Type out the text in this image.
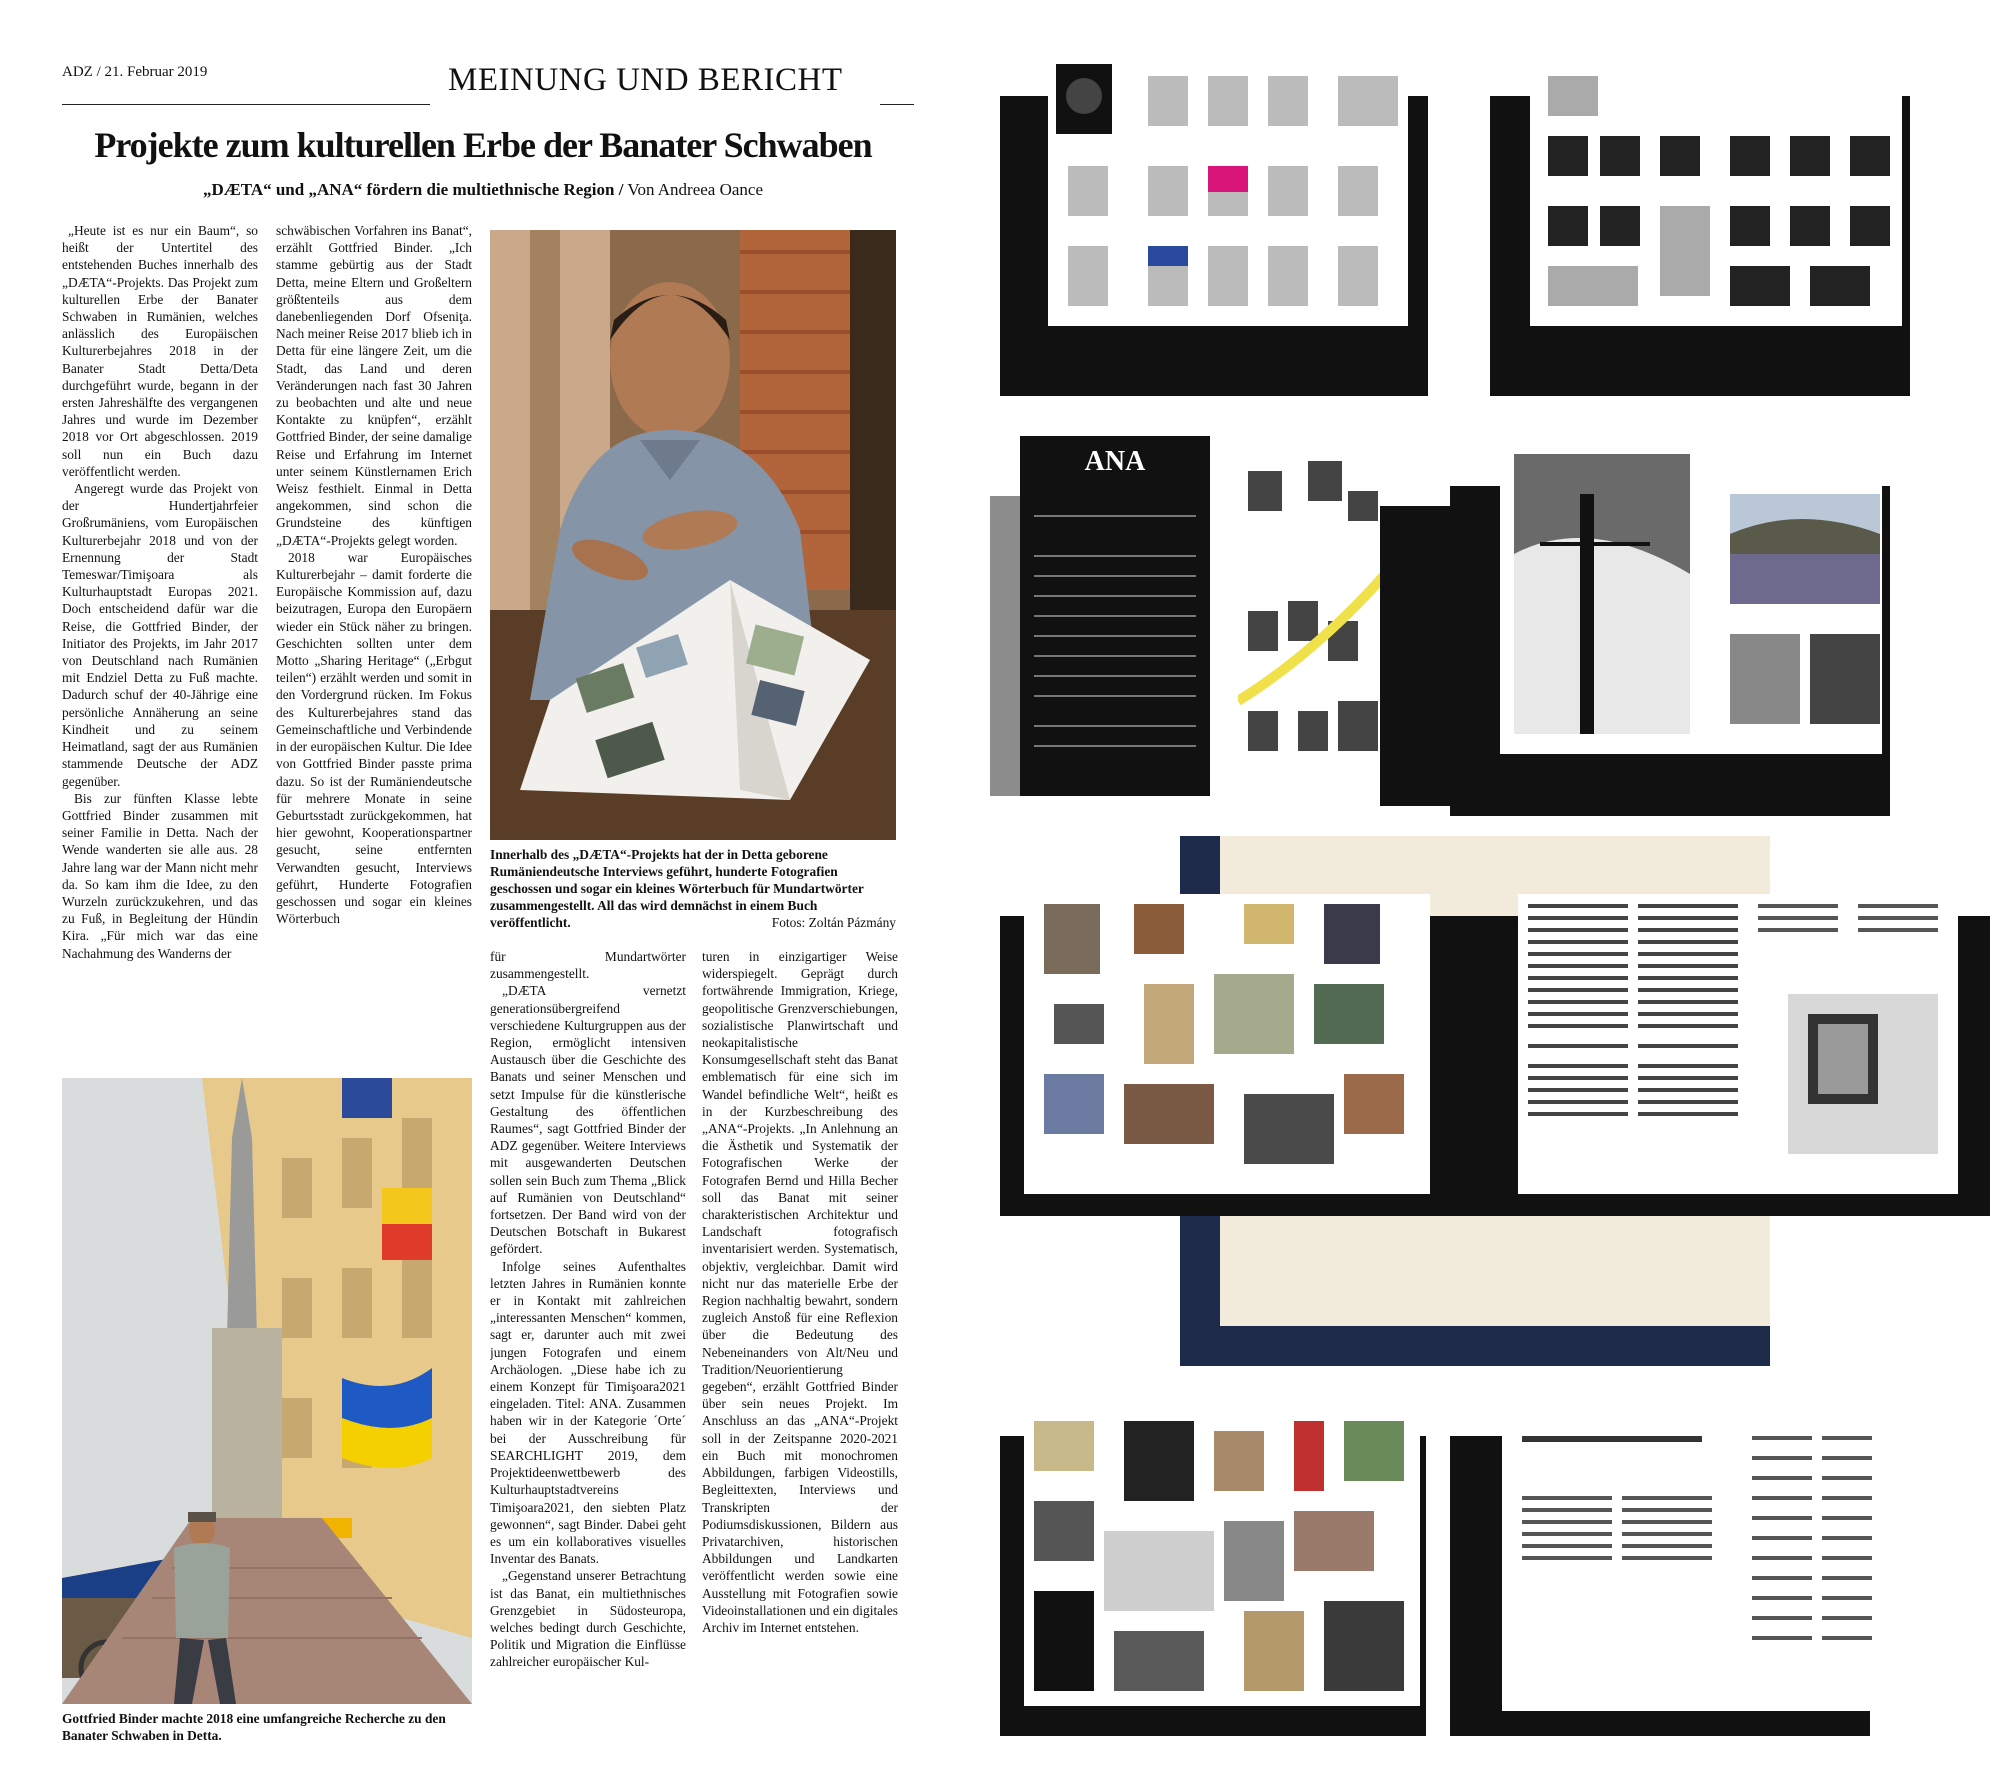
ADZ / 21. Februar 2019	MEINUNG UND BERICHT
Projekte zum kulturellen Erbe der Banater Schwaben
„DÆTA“ und „ANA“ fördern die multiethnische Region / Von Andreea Oance

„Heute ist es nur ein Baum“, so heißt der Untertitel des entstehenden Buches innerhalb des „DÆTA“-Projekts. Das Projekt zum kulturellen Erbe der Banater Schwaben in Rumänien, welches anlässlich des Europäischen Kulturerbejahres 2018 in der Banater Stadt Detta/Deta durchgeführt wurde, begann in der ersten Jahreshälfte des vergangenen Jahres und wurde im Dezember 2018 vor Ort abgeschlossen. 2019 soll nun ein Buch dazu veröffentlicht werden.

Angeregt wurde das Projekt von der Hundertjahrfeier Großrumäniens, vom Europäischen Kulturerbejahr 2018 und von der Ernennung der Stadt Temeswar/Timişoara als Kulturhauptstadt Europas 2021. Doch entscheidend dafür war die Reise, die Gottfried Binder, der Initiator des Projekts, im Jahr 2017 von Deutschland nach Rumänien mit Endziel Detta zu Fuß machte. Dadurch schuf der 40-Jährige eine persönliche Annäherung an seine Kindheit und zu seinem Heimatland, sagt der aus Rumänien stammende Deutsche der ADZ gegenüber.

Bis zur fünften Klasse lebte Gottfried Binder zusammen mit seiner Familie in Detta. Nach der Wende wanderten sie alle aus. 28 Jahre lang war der Mann nicht mehr da. So kam ihm die Idee, zu den Wurzeln zurückzukehren, und das zu Fuß, in Begleitung der Hündin Kira. „Für mich war das eine Nachahmung des Wanderns der

schwäbischen Vorfahren ins Banat“, erzählt Gottfried Binder. „Ich stamme gebürtig aus der Stadt Detta, meine Eltern und Großeltern größtenteils aus dem danebenliegenden Dorf Ofseniţa. Nach meiner Reise 2017 blieb ich in Detta für eine längere Zeit, um die Stadt, das Land und deren Veränderungen nach fast 30 Jahren zu beobachten und alte und neue Kontakte zu knüpfen“, erzählt Gottfried Binder, der seine damalige Reise und Erfahrung im Internet unter seinem Künstlernamen Erich Weisz festhielt. Einmal in Detta angekommen, sind schon die Grundsteine des künftigen „DÆTA“-Projekts gelegt worden.

2018 war Europäisches Kulturerbejahr – damit forderte die Europäische Kommission auf, dazu beizutragen, Europa den Europäern wieder ein Stück näher zu bringen. Geschichten sollten unter dem Motto „Sharing Heritage“ („Erbgut teilen“) erzählt werden und somit in den Vordergrund rücken. Im Fokus des Kulturerbejahres stand das Gemeinschaftliche und Verbindende in der europäischen Kultur. Die Idee von Gottfried Binder passte prima dazu. So ist der Rumäniendeutsche für mehrere Monate in seine Geburtsstadt zurückgekommen, hat hier gewohnt, Kooperationspartner gesucht, seine entfernten Verwandten gesucht, Interviews geführt, Hunderte Fotografien geschossen und sogar ein kleines Wörterbuch

Innerhalb des „DÆTA“-Projekts hat der in Detta geborene Rumäniendeutsche Interviews geführt, hunderte Fotografien geschossen und sogar ein kleines Wörterbuch für Mundartwörter zusammengestellt. All das wird demnächst in einem Buch veröffentlicht.	Fotos: Zoltán Pázmány

für Mundartwörter zusammengestellt.

„DÆTA vernetzt generationsübergreifend verschiedene Kulturgruppen aus der Region, ermöglicht intensiven Austausch über die Geschichte des Banats und seiner Menschen und setzt Impulse für die künstlerische Gestaltung des öffentlichen Raumes“, sagt Gottfried Binder der ADZ gegenüber. Weitere Interviews mit ausgewanderten Deutschen sollen sein Buch zum Thema „Blick auf Rumänien von Deutschland“ fortsetzen. Der Band wird von der Deutschen Botschaft in Bukarest gefördert.

Infolge seines Aufenthaltes letzten Jahres in Rumänien konnte er in Kontakt mit zahlreichen „interessanten Menschen“ kommen, sagt er, darunter auch mit zwei jungen Fotografen und einem Archäologen. „Diese habe ich zu einem Konzept für Timişoara2021 eingeladen. Titel: ANA. Zusammen haben wir in der Kategorie ´Orte´ bei der Ausschreibung für SEARCHLIGHT 2019, dem Projektideenwettbewerb des Kulturhauptstadtvereins Timişoara2021, den siebten Platz gewonnen“, sagt Binder. Dabei geht es um ein kollaboratives visuelles Inventar des Banats.

„Gegenstand unserer Betrachtung ist das Banat, ein multiethnisches Grenzgebiet in Südosteuropa, welches bedingt durch Geschichte, Politik und Migration die Einflüsse zahlreicher europäischer Kul-

turen in einzigartiger Weise widerspiegelt. Geprägt durch fortwährende Immigration, Kriege, geopolitische Grenzverschiebungen, sozialistische Planwirtschaft und neokapitalistische Konsumgesellschaft steht das Banat emblematisch für eine sich im Wandel befindliche Welt“, heißt es in der Kurzbeschreibung des „ANA“-Projekts. „In Anlehnung an die Ästhetik und Systematik der Fotografischen Werke der Fotografen Bernd und Hilla Becher soll das Banat mit seiner charakteristischen Architektur und Landschaft fotografisch inventarisiert werden. Systematisch, objektiv, vergleichbar. Damit wird nicht nur das materielle Erbe der Region nachhaltig bewahrt, sondern zugleich Anstoß für eine Reflexion über die Bedeutung des Nebeneinanders von Alt/Neu und Tradition/Neuorientierung gegeben“, erzählt Gottfried Binder über sein neues Projekt. Im Anschluss an das „ANA“-Projekt soll in der Zeitspanne 2020-2021 ein Buch mit monochromen Abbildungen, farbigen Videostills, Begleittexten, Interviews und Transkripten der Podiumsdiskussionen, Bildern aus Privatarchiven, historischen Abbildungen und Landkarten veröffentlicht werden sowie eine Ausstellung mit Fotografien sowie Videoinstallationen und ein digitales Archiv im Internet entstehen.

Gottfried Binder machte 2018 eine umfangreiche Recherche zu den Banater Schwaben in Detta.
ANA
